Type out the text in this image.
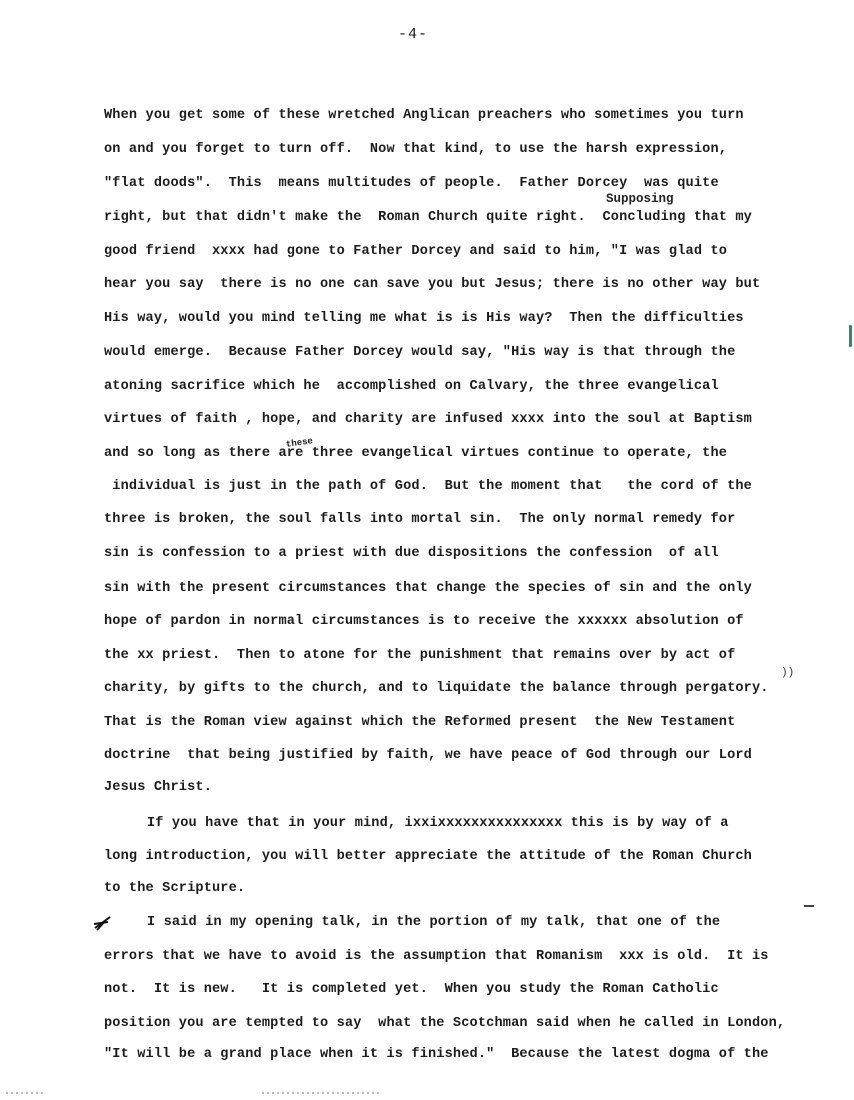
-4-
Supposing
these
When you get some of these wretched Anglican preachers who sometimes you turn
on and you forget to turn off.  Now that kind, to use the harsh expression,
"flat doods".  This  means multitudes of people.  Father Dorcey  was quite
right, but that didn't make the  Roman Church quite right.  Concluding that my
good friend  xxxx had gone to Father Dorcey and said to him, "I was glad to
hear you say  there is no one can save you but Jesus; there is no other way but
His way, would you mind telling me what is is His way?  Then the difficulties
would emerge.  Because Father Dorcey would say, "His way is that through the
atoning sacrifice which he  accomplished on Calvary, the three evangelical
virtues of faith , hope, and charity are infused xxxx into the soul at Baptism
and so long as there are three evangelical virtues continue to operate, the
individual is just in the path of God.  But the moment that   the cord of the
three is broken, the soul falls into mortal sin.  The only normal remedy for
sin is confession to a priest with due dispositions the confession  of all
sin with the present circumstances that change the species of sin and the only
hope of pardon in normal circumstances is to receive the xxxxxx absolution of
the xx priest.  Then to atone for the punishment that remains over by act of
charity, by gifts to the church, and to liquidate the balance through pergatory.
That is the Roman view against which the Reformed present  the New Testament
doctrine  that being justified by faith, we have peace of God through our Lord
Jesus Christ.
If you have that in your mind, ixxixxxxxxxxxxxxxxx this is by way of a
long introduction, you will better appreciate the attitude of the Roman Church
to the Scripture.
I said in my opening talk, in the portion of my talk, that one of the
errors that we have to avoid is the assumption that Romanism  xxx is old.  It is
not.  It is new.   It is completed yet.  When you study the Roman Catholic
position you are tempted to say  what the Scotchman said when he called in London,
"It will be a grand place when it is finished."  Because the latest dogma of the
))
